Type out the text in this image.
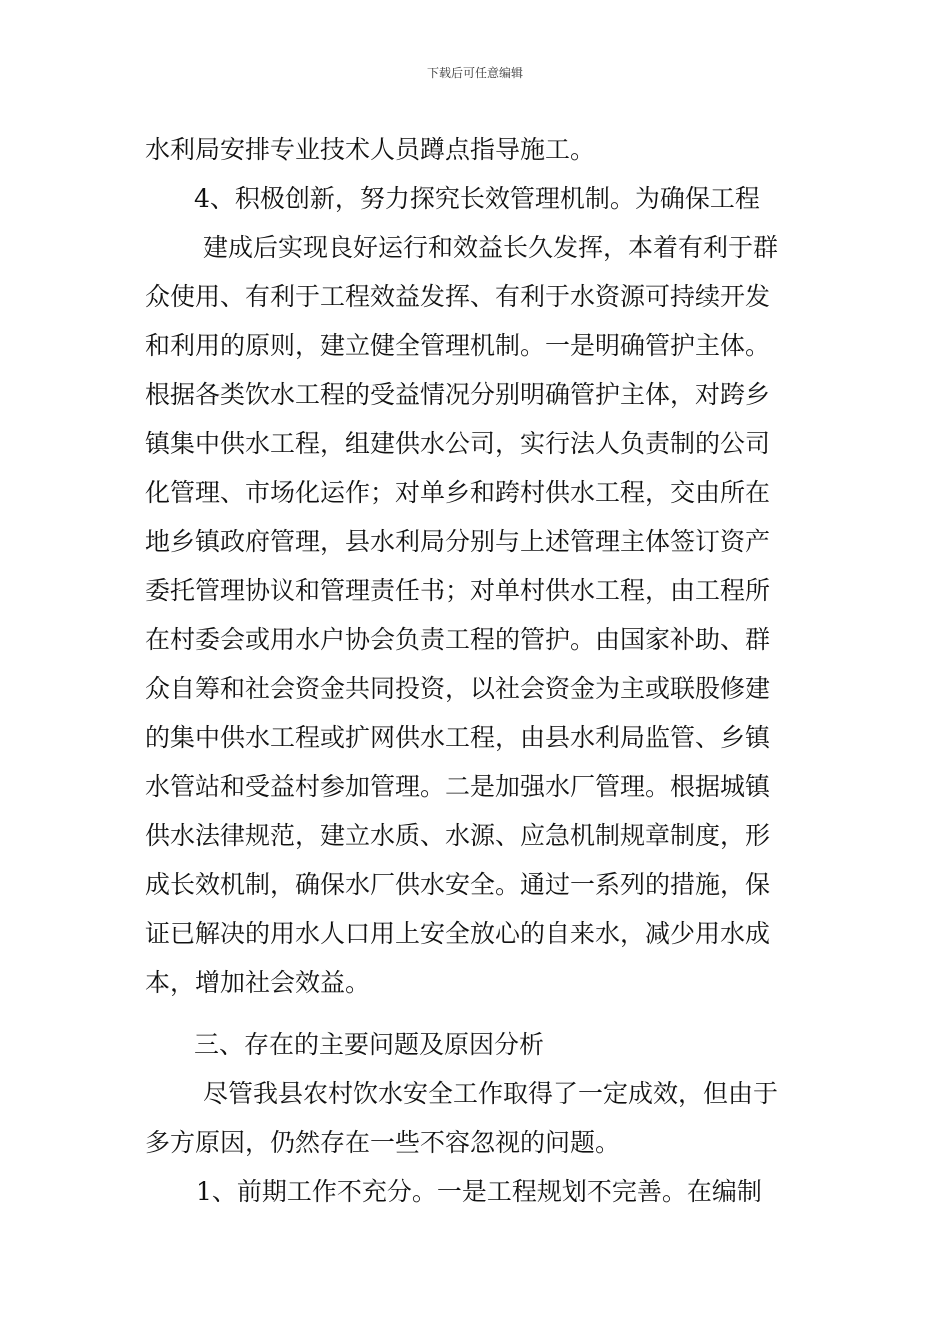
下载后可任意编辑
水利局安排专业技术人员蹲点指导施工。
4、积极创新，努力探究长效管理机制。为确保工程
建成后实现良好运行和效益长久发挥，本着有利于群
众使用、有利于工程效益发挥、有利于水资源可持续开发
和利用的原则，建立健全管理机制。一是明确管护主体。
根据各类饮水工程的受益情况分别明确管护主体，对跨乡
镇集中供水工程，组建供水公司，实行法人负责制的公司
化管理、市场化运作；对单乡和跨村供水工程，交由所在
地乡镇政府管理，县水利局分别与上述管理主体签订资产
委托管理协议和管理责任书；对单村供水工程，由工程所
在村委会或用水户协会负责工程的管护。由国家补助、群
众自筹和社会资金共同投资，以社会资金为主或联股修建
的集中供水工程或扩网供水工程，由县水利局监管、乡镇
水管站和受益村参加管理。二是加强水厂管理。根据城镇
供水法律规范，建立水质、水源、应急机制规章制度，形
成长效机制，确保水厂供水安全。通过一系列的措施，保
证已解决的用水人口用上安全放心的自来水，减少用水成
本，增加社会效益。
三、存在的主要问题及原因分析
尽管我县农村饮水安全工作取得了一定成效，但由于
多方原因，仍然存在一些不容忽视的问题。
1、前期工作不充分。一是工程规划不完善。在编制
